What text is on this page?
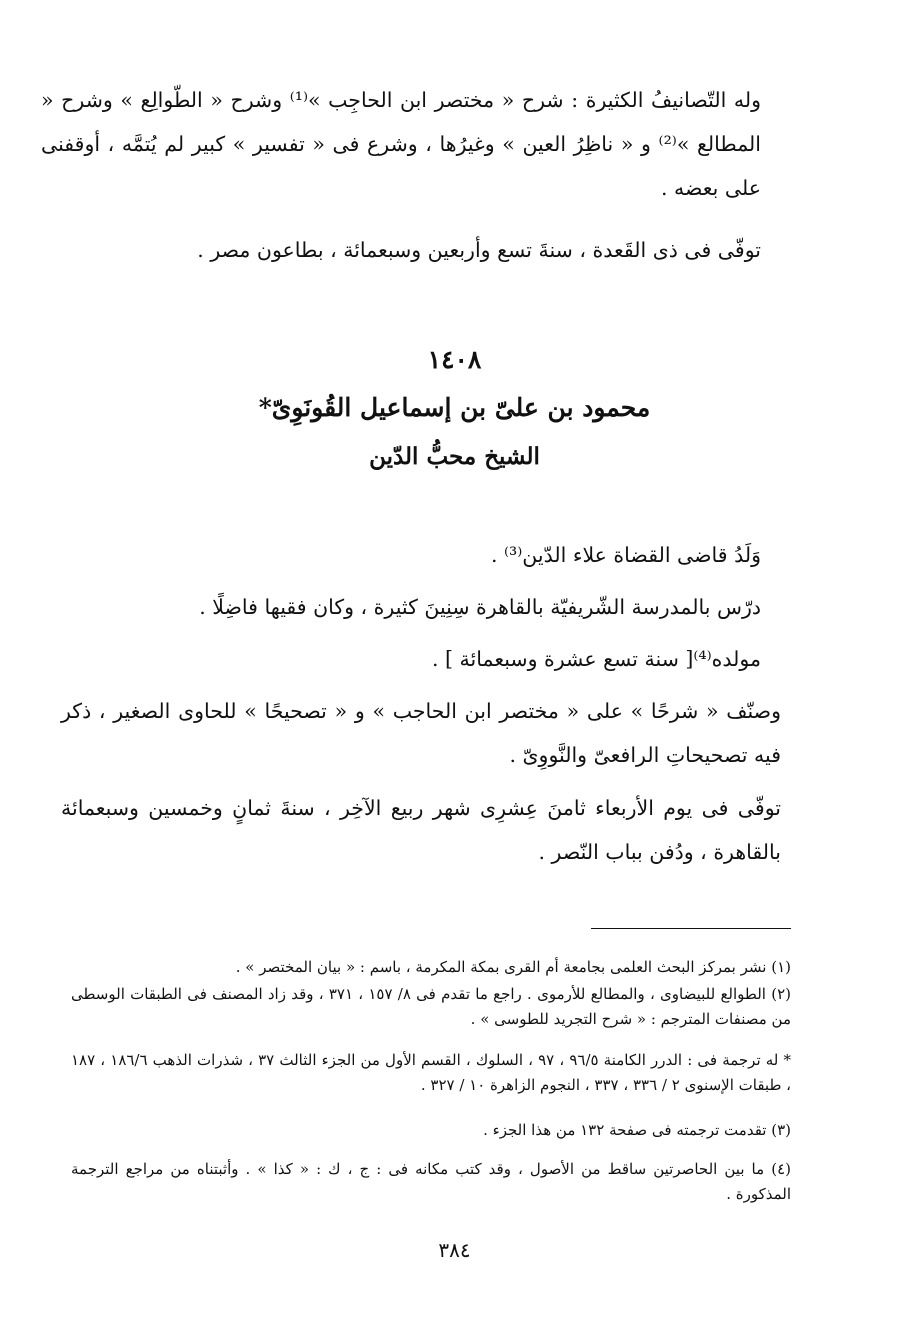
وله التّصانيفُ الكثيرة : شرح « مختصر ابن الحاجِب »⁽¹⁾ وشرح « الطّوالِع » وشرح « المطالع »⁽²⁾ و « ناظِرُ العين » وغيرُها ، وشرع فى « تفسير » كبير لم يُتمَّه ، أوقفنى على بعضه .

توفّى فى ذى القَعدة ، سنةَ تسع وأربعين وسبعمائة ، بطاعون مصر .

١٤٠٨
محمود بن علىّ بن إسماعيل القُونَوِىّ*
الشيخ محبُّ الدّين

وَلَدُ قاضى القضاة علاء الدّين⁽³⁾ .

درّس بالمدرسة الشّريفيّة بالقاهرة سِنِينَ كثيرة ، وكان فقيها فاضِلًا .

مولده⁽⁴⁾[ سنة تسع عشرة وسبعمائة ] .

وصنّف « شرحًا » على « مختصر ابن الحاجب » و « تصحيحًا » للحاوى الصغير ، ذكر فيه تصحيحاتِ الرافعىّ والنَّووِىّ .

توفّى فى يوم الأربعاء ثامنَ عِشرِى شهر ربيع الآخِر ، سنةَ ثمانٍ وخمسين وسبعمائة بالقاهرة ، ودُفن بباب النّصر .

(١) نشر بمركز البحث العلمى بجامعة أم القرى بمكة المكرمة ، باسم : « بيان المختصر » .

(٢) الطوالع للبيضاوى ، والمطالع للأرموى . راجع ما تقدم فى ٨/ ١٥٧ ، ٣٧١ ، وقد زاد المصنف فى الطبقات الوسطى من مصنفات المترجم : « شرح التجريد للطوسى » .

* له ترجمة فى : الدرر الكامنة ٩٦/٥ ، ٩٧ ، السلوك ، القسم الأول من الجزء الثالث ٣٧ ، شذرات الذهب ١٨٦/٦ ، ١٨٧ ، طبقات الإسنوى ٢ / ٣٣٦ ، ٣٣٧ ، النجوم الزاهرة ١٠ / ٣٢٧ .

(٣) تقدمت ترجمته فى صفحة ١٣٢ من هذا الجزء .

(٤) ما بين الحاصرتين ساقط من الأصول ، وقد كتب مكانه فى : ج ، ك : « كذا » . وأثبتناه من مراجع الترجمة المذكورة .

٣٨٤
